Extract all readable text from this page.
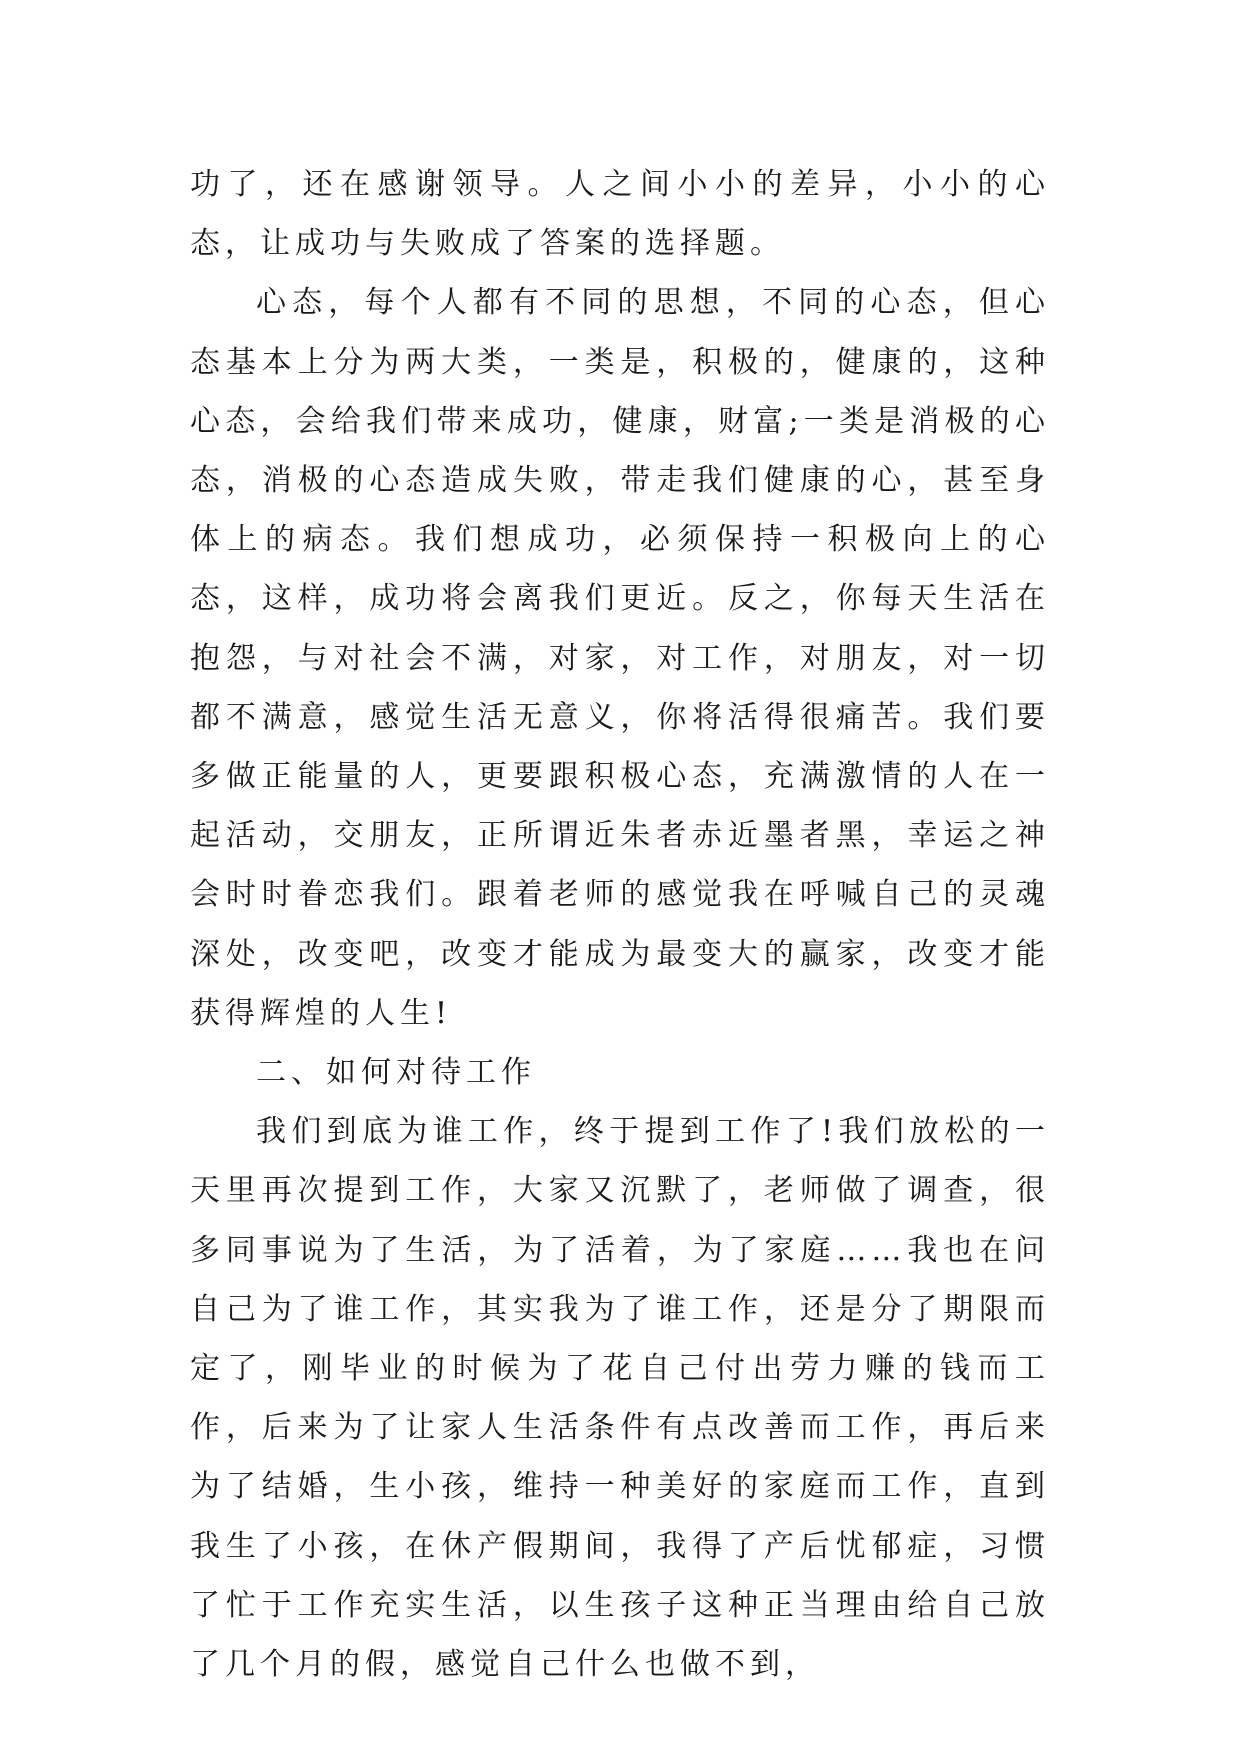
功了，还在感谢领导。人之间小小的差异，小小的心态，让成功与失败成了答案的选择题。

心态，每个人都有不同的思想，不同的心态，但心态基本上分为两大类，一类是，积极的，健康的，这种心态，会给我们带来成功，健康，财富;一类是消极的心态，消极的心态造成失败，带走我们健康的心，甚至身体上的病态。我们想成功，必须保持一积极向上的心态，这样，成功将会离我们更近。反之，你每天生活在抱怨，与对社会不满，对家，对工作，对朋友，对一切都不满意，感觉生活无意义，你将活得很痛苦。我们要多做正能量的人，更要跟积极心态，充满激情的人在一起活动，交朋友，正所谓近朱者赤近墨者黑，幸运之神会时时眷恋我们。跟着老师的感觉我在呼喊自己的灵魂深处，改变吧，改变才能成为最变大的赢家，改变才能获得辉煌的人生!

二、如何对待工作

我们到底为谁工作，终于提到工作了!我们放松的一天里再次提到工作，大家又沉默了，老师做了调查，很多同事说为了生活，为了活着，为了家庭……我也在问自己为了谁工作，其实我为了谁工作，还是分了期限而定了，刚毕业的时候为了花自己付出劳力赚的钱而工作，后来为了让家人生活条件有点改善而工作，再后来为了结婚，生小孩，维持一种美好的家庭而工作，直到我生了小孩，在休产假期间，我得了产后忧郁症，习惯了忙于工作充实生活，以生孩子这种正当理由给自己放了几个月的假，感觉自己什么也做不到，
